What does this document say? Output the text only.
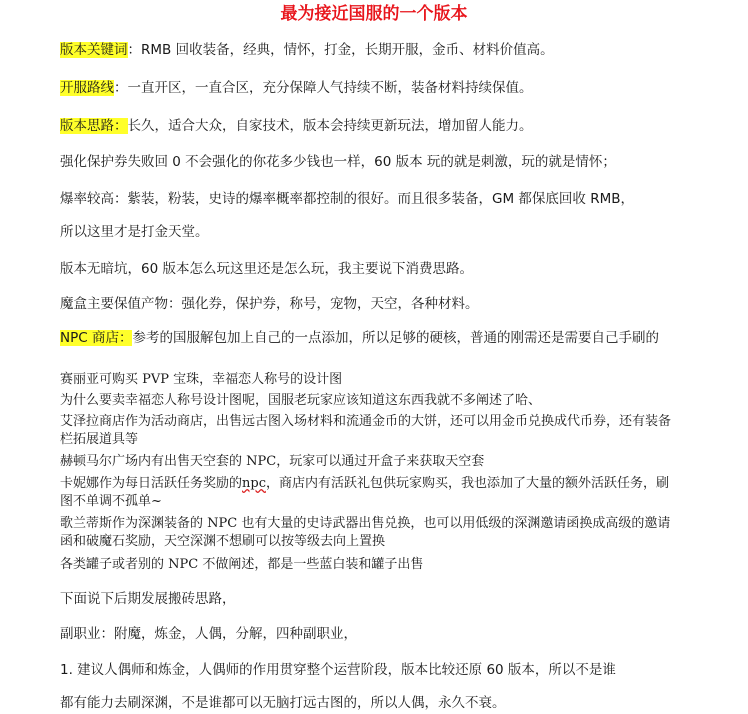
最为接近国服的一个版本
版本关键词：RMB 回收装备，经典，情怀，打金，长期开服，金币、材料价值高。
开服路线：一直开区，一直合区，充分保障人气持续不断，装备材料持续保值。
版本思路：长久，适合大众，自家技术，版本会持续更新玩法，增加留人能力。
强化保护券失败回 0 不会强化的你花多少钱也一样，60 版本 玩的就是刺激，玩的就是情怀；
爆率较高：紫装，粉装，史诗的爆率概率都控制的很好。而且很多装备，GM 都保底回收 RMB，
所以这里才是打金天堂。
版本无暗坑，60 版本怎么玩这里还是怎么玩，我主要说下消费思路。
魔盒主要保值产物：强化券，保护券，称号，宠物，天空，各种材料。
NPC 商店：参考的国服解包加上自己的一点添加，所以足够的硬核，普通的刚需还是需要自己手刷的
赛丽亚可购买 PVP 宝珠，幸福恋人称号的设计图
为什么要卖幸福恋人称号设计图呢，国服老玩家应该知道这东西我就不多阐述了哈、
艾泽拉商店作为活动商店，出售远古图入场材料和流通金币的大饼，还可以用金币兑换成代币券，还有装备栏拓展道具等
赫顿马尔广场内有出售天空套的 NPC，玩家可以通过开盒子来获取天空套
卡妮娜作为每日活跃任务奖励的npc，商店内有活跃礼包供玩家购买，我也添加了大量的额外活跃任务，刷图不单调不孤单~
歌兰蒂斯作为深渊装备的 NPC 也有大量的史诗武器出售兑换，也可以用低级的深渊邀请函换成高级的邀请函和破魔石奖励，天空深渊不想刷可以按等级去向上置换
各类罐子或者别的 NPC 不做阐述，都是一些蓝白装和罐子出售
下面说下后期发展搬砖思路，
副职业：附魔，炼金，人偶，分解，四种副职业，
1. 建议人偶师和炼金，人偶师的作用贯穿整个运营阶段，版本比较还原 60 版本，所以不是谁
都有能力去刷深渊，不是谁都可以无脑打远古图的，所以人偶，永久不衰。
